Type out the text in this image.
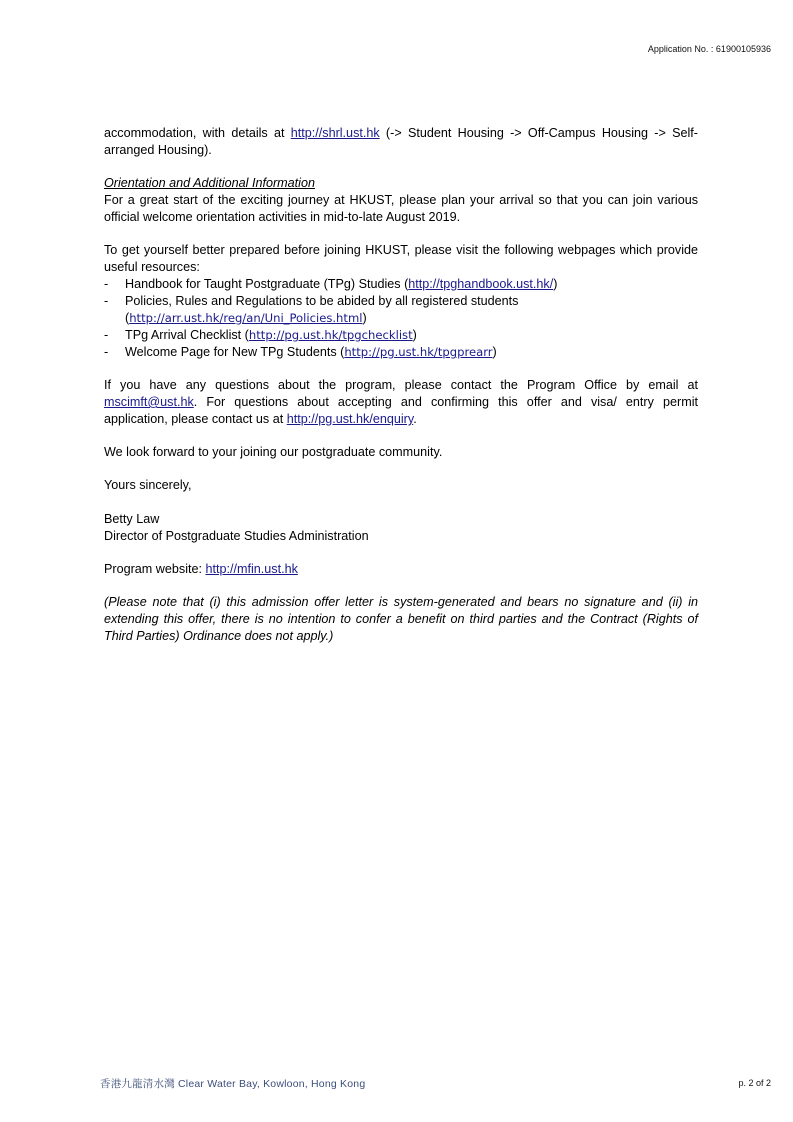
Application No. : 61900105936

accommodation, with details at http://shrl.ust.hk (-> Student Housing -> Off-Campus Housing -> Self-arranged Housing).

Orientation and Additional Information

For a great start of the exciting journey at HKUST, please plan your arrival so that you can join various official welcome orientation activities in mid-to-late August 2019.

To get yourself better prepared before joining HKUST, please visit the following webpages which provide useful resources:

- Handbook for Taught Postgraduate (TPg) Studies (http://tpghandbook.ust.hk/)
- Policies, Rules and Regulations to be abided by all registered students
(http://arr.ust.hk/reg/an/Uni_Policies.html)
- TPg Arrival Checklist (http://pg.ust.hk/tpgchecklist)
- Welcome Page for New TPg Students (http://pg.ust.hk/tpgprearr)

If you have any questions about the program, please contact the Program Office by email at mscimft@ust.hk. For questions about accepting and confirming this offer and visa/ entry permit application, please contact us at http://pg.ust.hk/enquiry.

We look forward to your joining our postgraduate community.

Yours sincerely,

Betty Law

Director of Postgraduate Studies Administration

Program website: http://mfin.ust.hk

(Please note that (i) this admission offer letter is system-generated and bears no signature and (ii) in extending this offer, there is no intention to confer a benefit on third parties and the Contract (Rights of Third Parties) Ordinance does not apply.)

香港九龍清水灣 Clear Water Bay, Kowloon, Hong Kong	p. 2 of 2
